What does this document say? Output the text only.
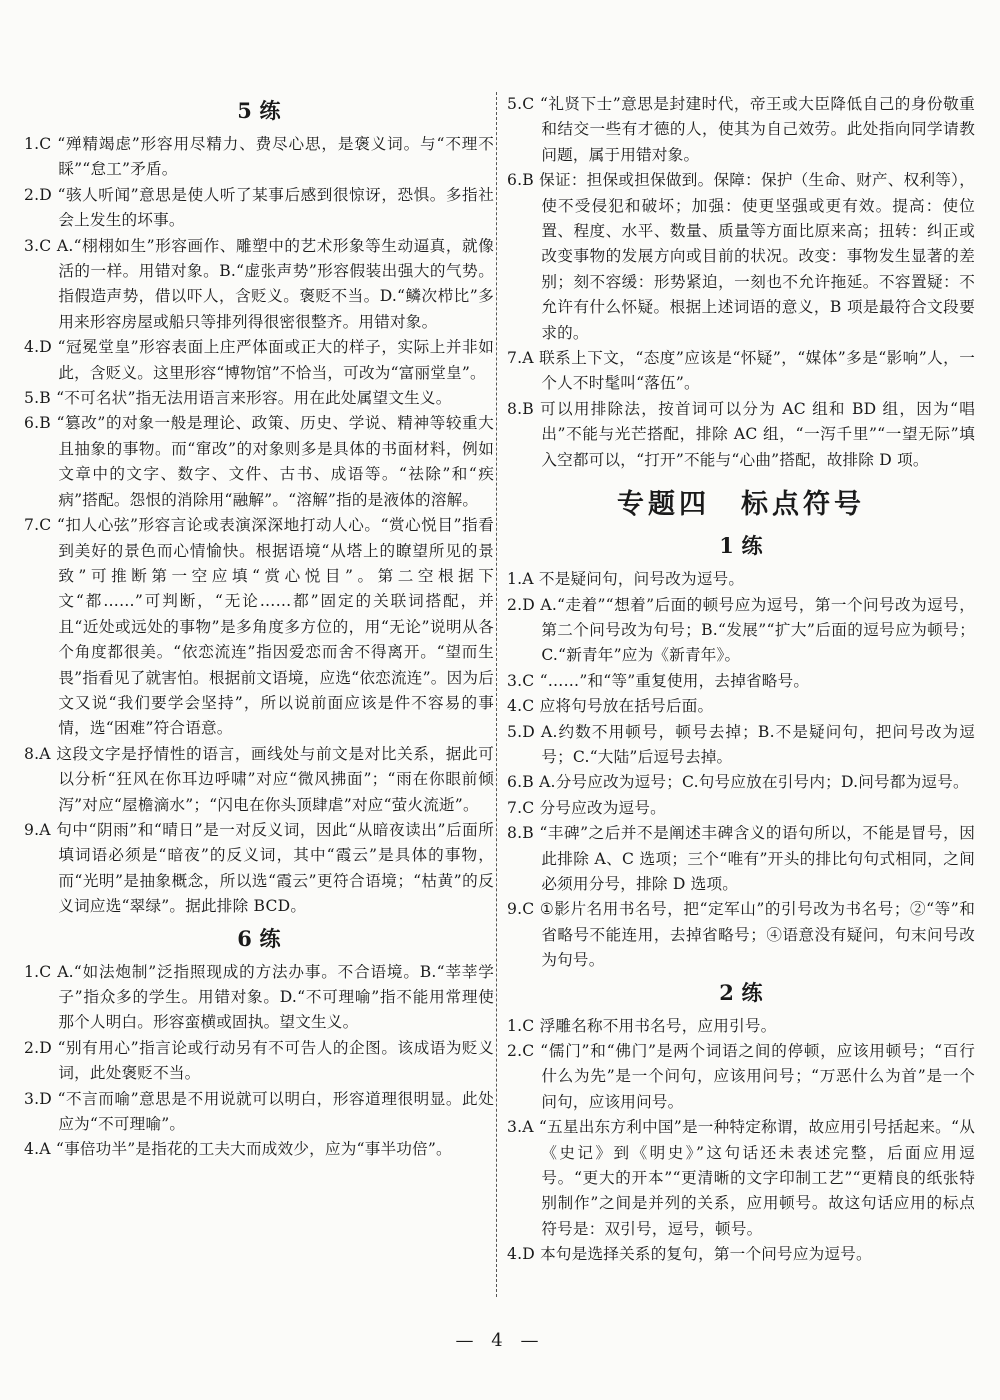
5 练

1.C “殚精竭虑”形容用尽精力、费尽心思，是褒义词。与“不理不睬”“怠工”矛盾。

2.D “骇人听闻”意思是使人听了某事后感到很惊讶，恐惧。多指社会上发生的坏事。

3.C A.“栩栩如生”形容画作、雕塑中的艺术形象等生动逼真，就像活的一样。用错对象。B.“虚张声势”形容假装出强大的气势。指假造声势，借以吓人，含贬义。褒贬不当。D.“鳞次栉比”多用来形容房屋或船只等排列得很密很整齐。用错对象。

4.D “冠冕堂皇”形容表面上庄严体面或正大的样子，实际上并非如此，含贬义。这里形容“博物馆”不恰当，可改为“富丽堂皇”。

5.B “不可名状”指无法用语言来形容。用在此处属望文生义。

6.B “篡改”的对象一般是理论、政策、历史、学说、精神等较重大且抽象的事物。而“窜改”的对象则多是具体的书面材料，例如文章中的文字、数字、文件、古书、成语等。“祛除”和“疾病”搭配。怨恨的消除用“融解”。“溶解”指的是液体的溶解。

7.C “扣人心弦”形容言论或表演深深地打动人心。“赏心悦目”指看到美好的景色而心情愉快。根据语境“从塔上的瞭望所见的景致”可推断第一空应填“赏心悦目”。第二空根据下文“都……”可判断，“无论……都”固定的关联词搭配，并且“近处或远处的事物”是多角度多方位的，用“无论”说明从各个角度都很美。“依恋流连”指因爱恋而舍不得离开。“望而生畏”指看见了就害怕。根据前文语境，应选“依恋流连”。因为后文又说“我们要学会坚持”，所以说前面应该是件不容易的事情，选“困难”符合语意。

8.A 这段文字是抒情性的语言，画线处与前文是对比关系，据此可以分析“狂风在你耳边呼啸”对应“微风拂面”；“雨在你眼前倾泻”对应“屋檐滴水”；“闪电在你头顶肆虐”对应“萤火流逝”。

9.A 句中“阴雨”和“晴日”是一对反义词，因此“从暗夜读出”后面所填词语必须是“暗夜”的反义词，其中“霞云”是具体的事物，而“光明”是抽象概念，所以选“霞云”更符合语境；“枯黄”的反义词应选“翠绿”。据此排除 BCD。

6 练

1.C A.“如法炮制”泛指照现成的方法办事。不合语境。B.“莘莘学子”指众多的学生。用错对象。D.“不可理喻”指不能用常理使那个人明白。形容蛮横或固执。望文生义。

2.D “别有用心”指言论或行动另有不可告人的企图。该成语为贬义词，此处褒贬不当。

3.D “不言而喻”意思是不用说就可以明白，形容道理很明显。此处应为“不可理喻”。

4.A “事倍功半”是指花的工夫大而成效少，应为“事半功倍”。

5.C “礼贤下士”意思是封建时代，帝王或大臣降低自己的身份敬重和结交一些有才德的人，使其为自己效劳。此处指向同学请教问题，属于用错对象。

6.B 保证：担保或担保做到。保障：保护（生命、财产、权利等），使不受侵犯和破坏；加强：使更坚强或更有效。提高：使位置、程度、水平、数量、质量等方面比原来高；扭转：纠正或改变事物的发展方向或目前的状况。改变：事物发生显著的差别；刻不容缓：形势紧迫，一刻也不允许拖延。不容置疑：不允许有什么怀疑。根据上述词语的意义，B 项是最符合文段要求的。

7.A 联系上下文，“态度”应该是“怀疑”，“媒体”多是“影响”人，一个人不时髦叫“落伍”。

8.B 可以用排除法，按首词可以分为 AC 组和 BD 组，因为“唱出”不能与光芒搭配，排除 AC 组，“一泻千里”“一望无际”填入空都可以，“打开”不能与“心曲”搭配，故排除 D 项。

专题四　标点符号
1 练

1.A 不是疑问句，问号改为逗号。

2.D A.“走着”“想着”后面的顿号应为逗号，第一个问号改为逗号，第二个问号改为句号；B.“发展”“扩大”后面的逗号应为顿号；C.“新青年”应为《新青年》。

3.C “……”和“等”重复使用，去掉省略号。

4.C 应将句号放在括号后面。

5.D A.约数不用顿号，顿号去掉；B.不是疑问句，把问号改为逗号；C.“大陆”后逗号去掉。

6.B A.分号应改为逗号；C.句号应放在引号内；D.问号都为逗号。

7.C 分号应改为逗号。

8.B “丰碑”之后并不是阐述丰碑含义的语句所以，不能是冒号，因此排除 A、C 选项；三个“唯有”开头的排比句句式相同，之间必须用分号，排除 D 选项。

9.C ①影片名用书名号，把“定军山”的引号改为书名号；②“等”和省略号不能连用，去掉省略号；④语意没有疑问，句末问号改为句号。

2 练

1.C 浮雕名称不用书名号，应用引号。

2.C “儒门”和“佛门”是两个词语之间的停顿，应该用顿号；“百行什么为先”是一个问句，应该用问号；“万恶什么为首”是一个问句，应该用问号。

3.A “五星出东方利中国”是一种特定称谓，故应用引号括起来。“从《史记》到《明史》”这句话还未表述完整，后面应用逗号。“更大的开本”“更清晰的文字印制工艺”“更精良的纸张特别制作”之间是并列的关系，应用顿号。故这句话应用的标点符号是：双引号，逗号，顿号。

4.D 本句是选择关系的复句，第一个问号应为逗号。

— 4 —
